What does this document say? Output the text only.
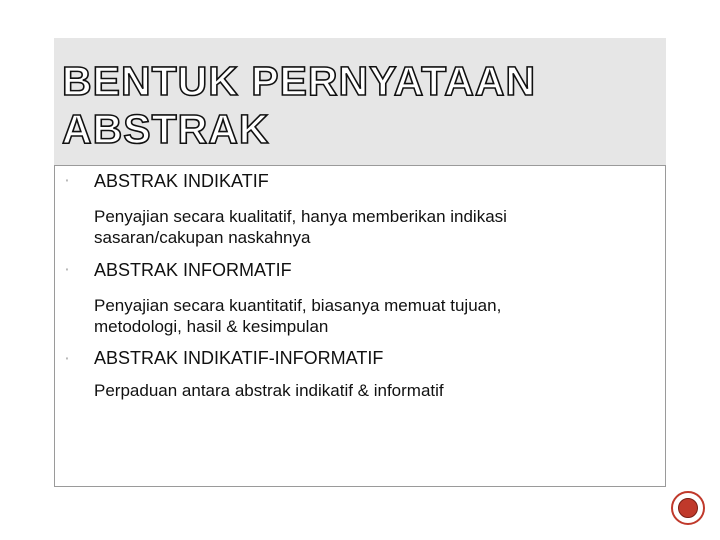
BENTUK PERNYATAAN
ABSTRAK
' ABSTRAK INDIKATIF
Penyajian secara kualitatif, hanya memberikan indikasi
sasaran/cakupan naskahnya
' ABSTRAK INFORMATIF
Penyajian secara kuantitatif, biasanya memuat tujuan,
metodologi, hasil & kesimpulan
' ABSTRAK INDIKATIF-INFORMATIF
Perpaduan antara abstrak indikatif & informatif
